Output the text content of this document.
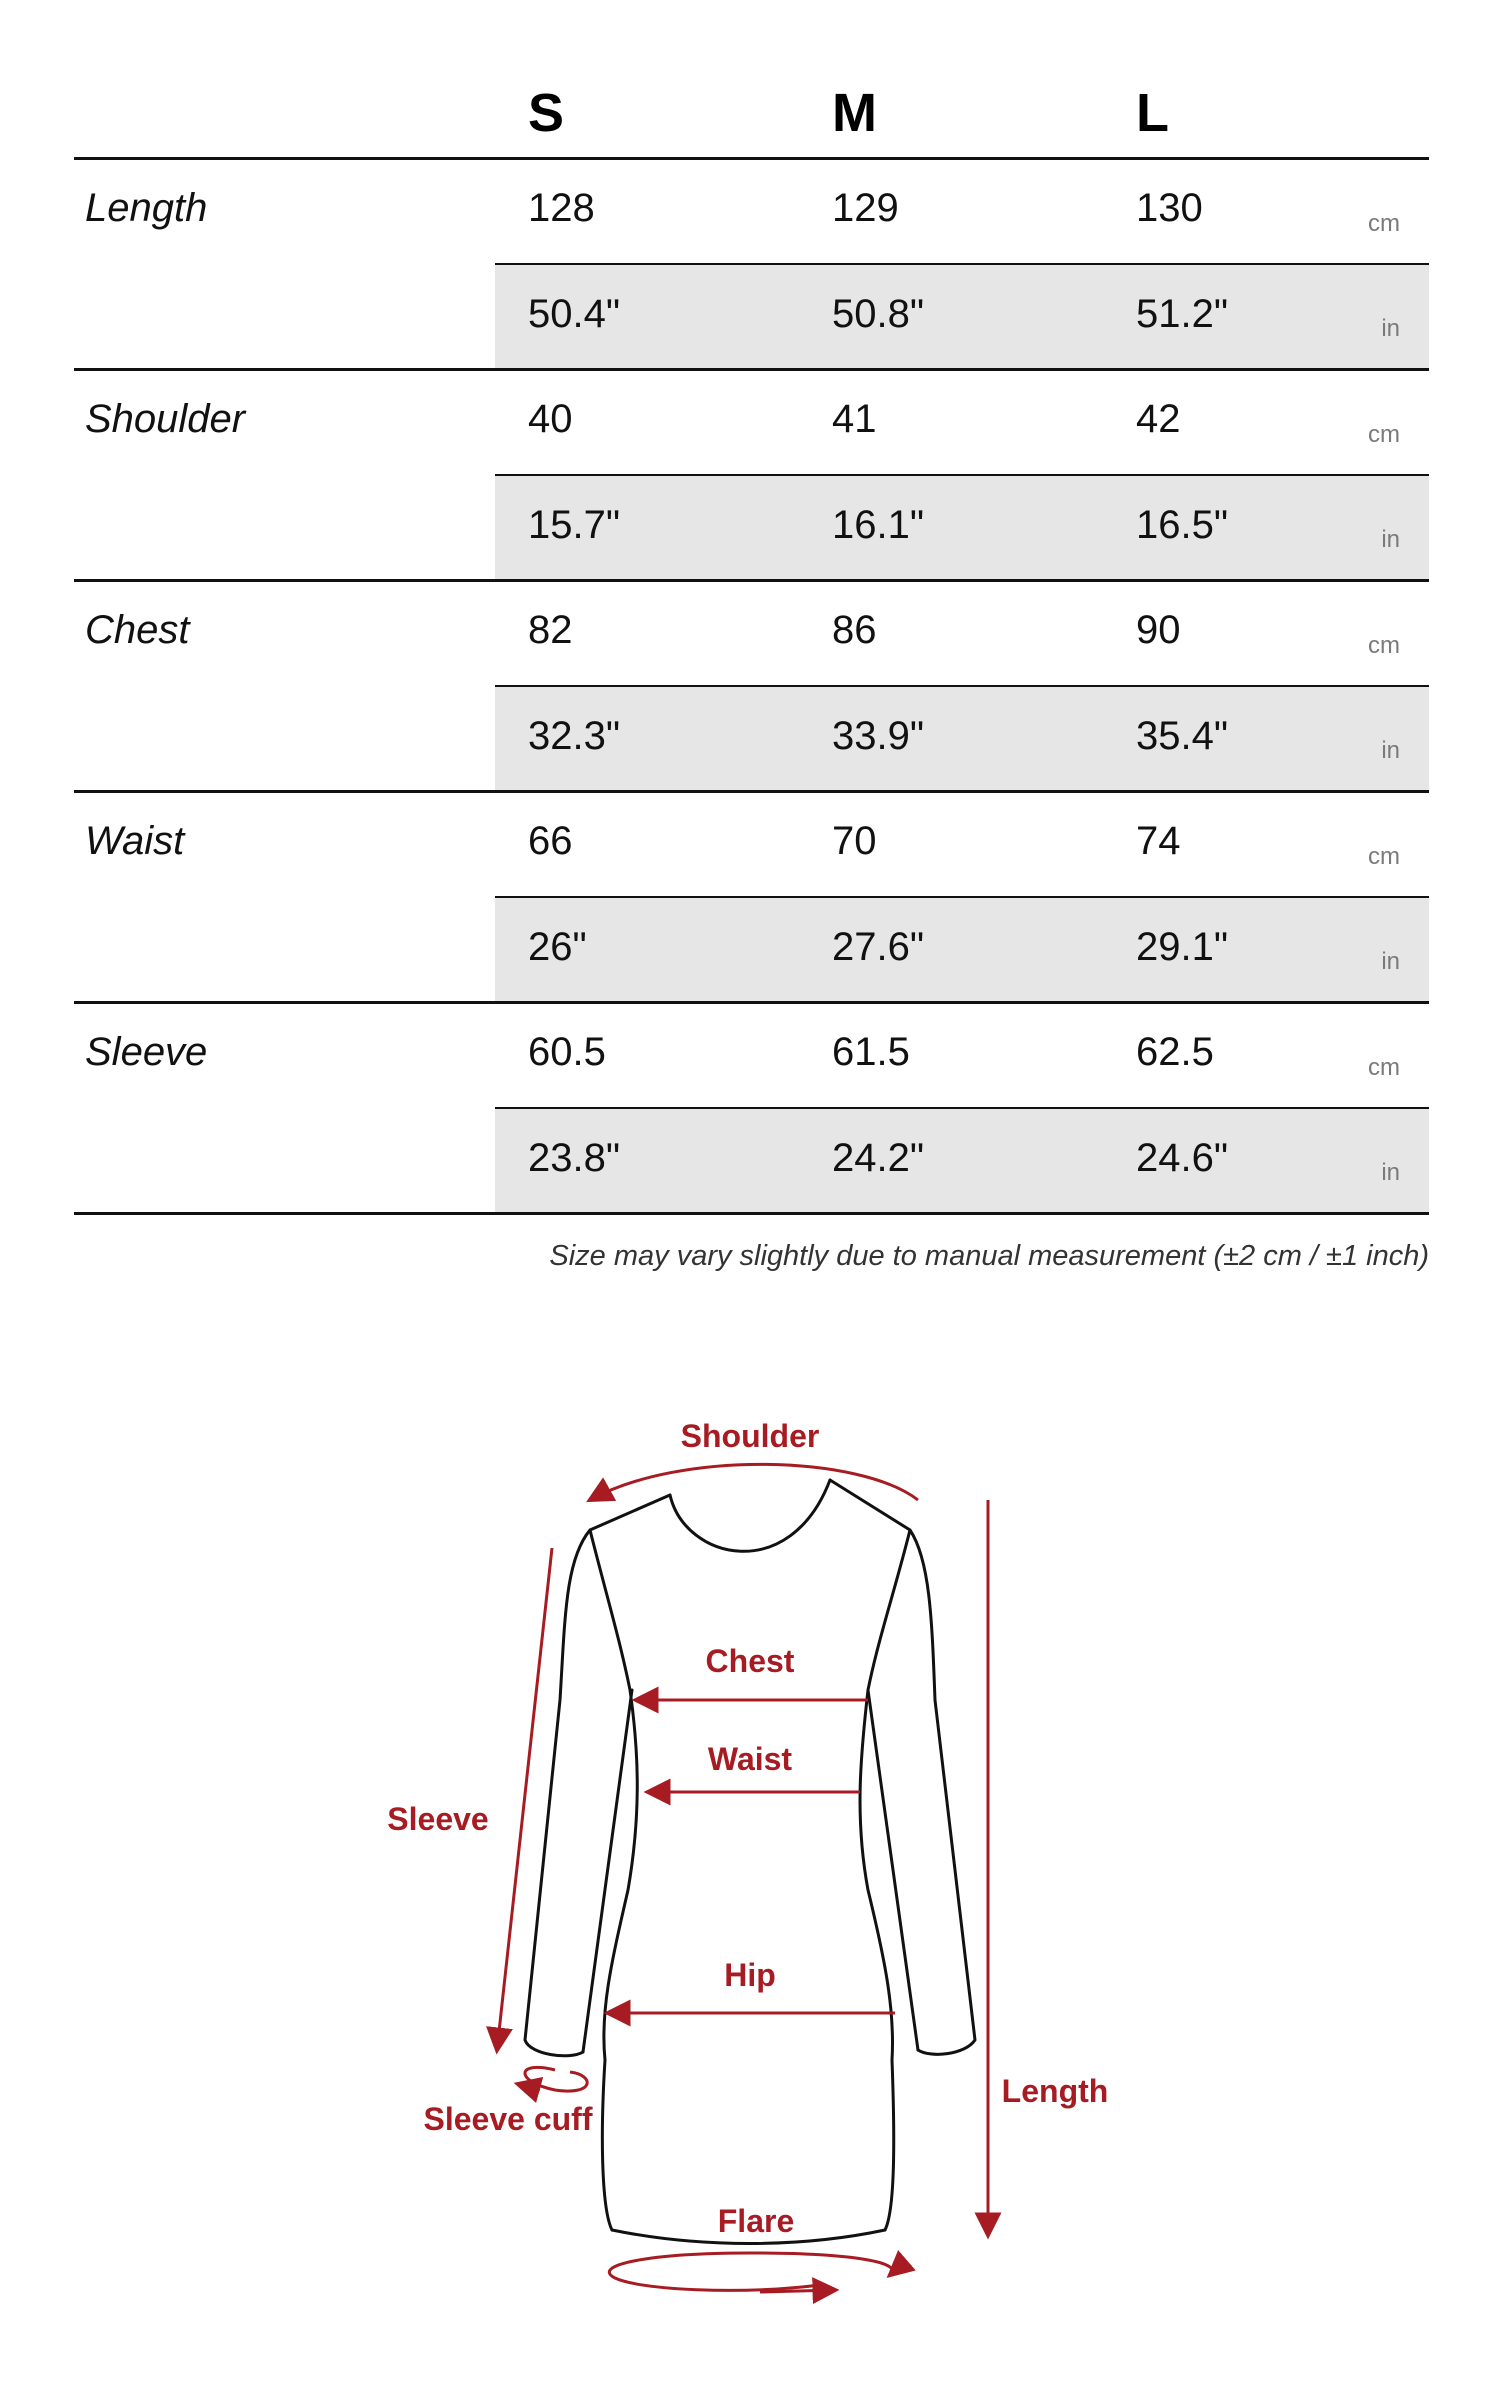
S	M	L
Length	128	129	130	cm
50.4"	50.8"	51.2"	in
Shoulder	40	41	42	cm
15.7"	16.1"	16.5"	in
Chest	82	86	90	cm
32.3"	33.9"	35.4"	in
Waist	66	70	74	cm
26"	27.6"	29.1"	in
Sleeve	60.5	61.5	62.5	cm
23.8"	24.2"	24.6"	in
Size may vary slightly due to manual measurement (±2 cm / ±1 inch)
Shoulder
Chest
Waist
Hip
Sleeve
Sleeve cuff
Length
Flare
